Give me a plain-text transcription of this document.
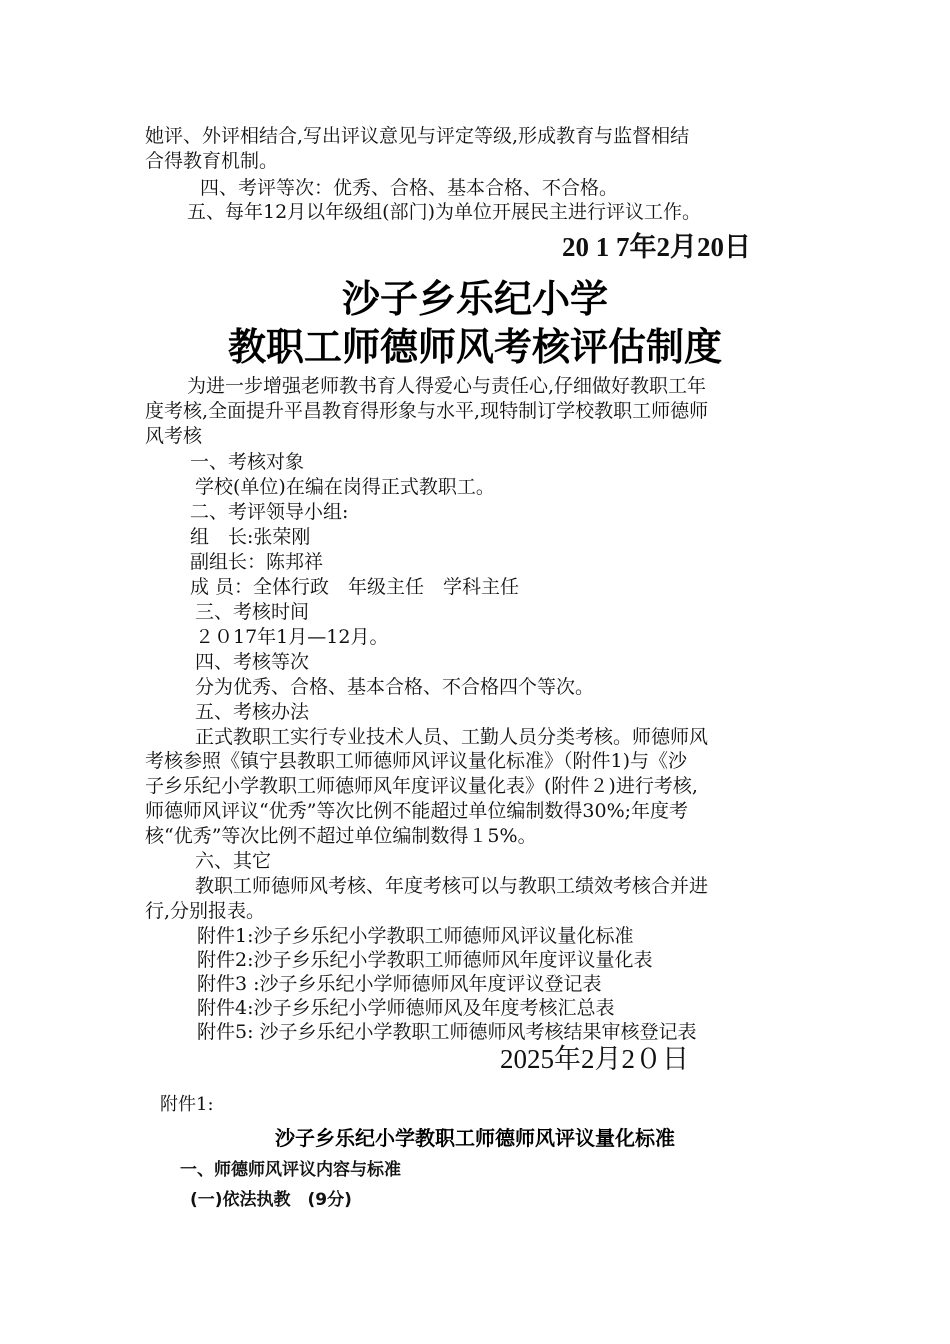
她评、外评相结合,写出评议意见与评定等级,形成教育与监督相结
合得教育机制。
四、考评等次：优秀、合格、基本合格、不合格。
五、每年12月以年级组(部门)为单位开展民主进行评议工作。
20 1 7年2月20日
沙子乡乐纪小学
教职工师德师风考核评估制度
为进一步增强老师教书育人得爱心与责任心,仔细做好教职工年
度考核,全面提升平昌教育得形象与水平,现特制订学校教职工师德师
风考核
一、考核对象
学校(单位)在编在岗得正式教职工。
二、考评领导小组:
组　长:张荣刚
副组长：陈邦祥
成 员：全体行政　年级主任　学科主任
三、考核时间
２０17年1月—12月。
四、考核等次
分为优秀、合格、基本合格、不合格四个等次。
五、考核办法
正式教职工实行专业技术人员、工勤人员分类考核。师德师风
考核参照《镇宁县教职工师德师风评议量化标准》（附件1)与《沙
子乡乐纪小学教职工师德师风年度评议量化表》(附件２)进行考核,
师德师风评议“优秀”等次比例不能超过单位编制数得30%;年度考
核“优秀”等次比例不超过单位编制数得１5%。
六、其它
教职工师德师风考核、年度考核可以与教职工绩效考核合并进
行,分别报表。
附件1:沙子乡乐纪小学教职工师德师风评议量化标准
附件2:沙子乡乐纪小学教职工师德师风年度评议量化表
附件3 :沙子乡乐纪小学师德师风年度评议登记表
附件4:沙子乡乐纪小学师德师风及年度考核汇总表
附件5: 沙子乡乐纪小学教职工师德师风考核结果审核登记表
2025年2月2０日
附件1:
沙子乡乐纪小学教职工师德师风评议量化标准
一、师德师风评议内容与标准
(一)依法执教　(9分)
